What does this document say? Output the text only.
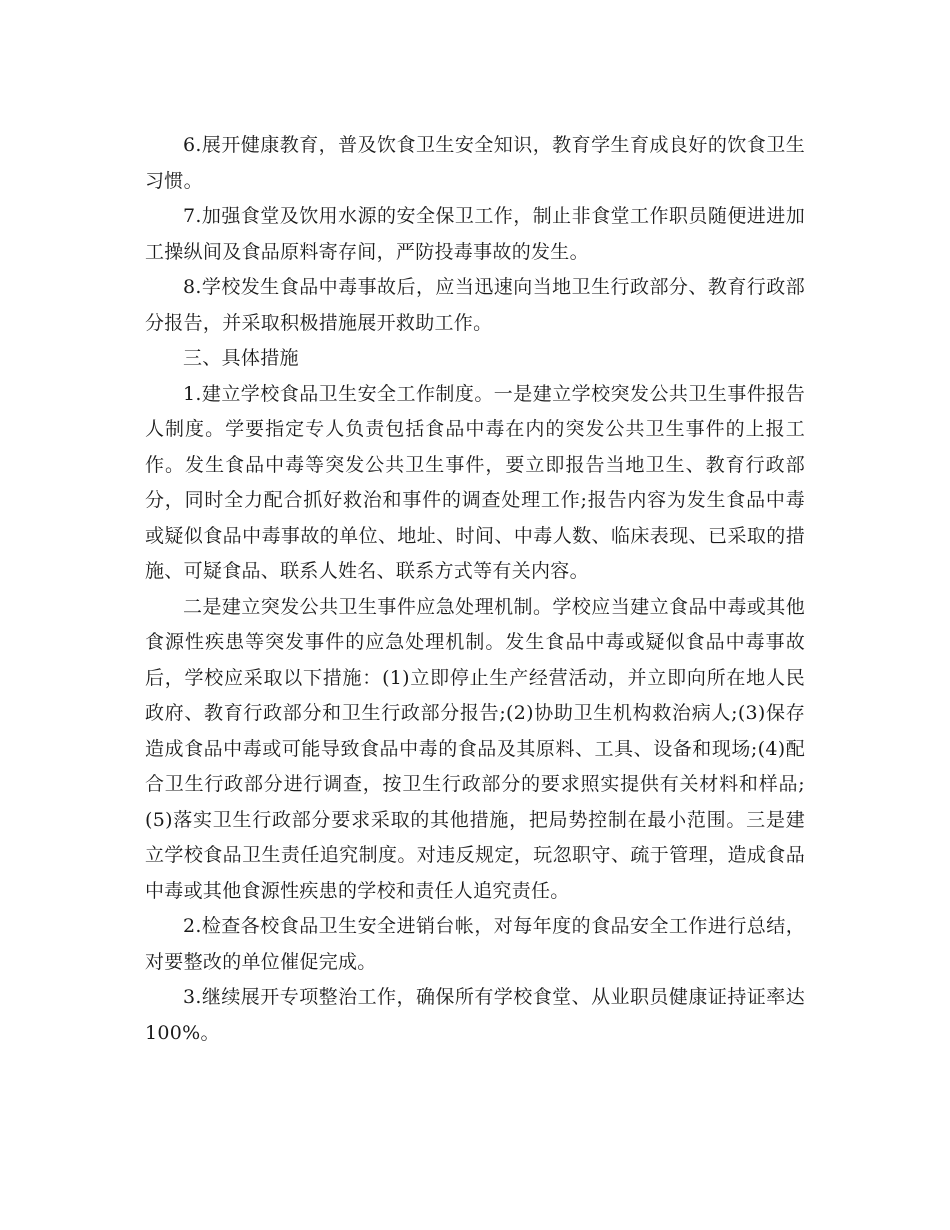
6.展开健康教育，普及饮食卫生安全知识，教育学生育成良好的饮食卫生习惯。

7.加强食堂及饮用水源的安全保卫工作，制止非食堂工作职员随便进进加工操纵间及食品原料寄存间，严防投毒事故的发生。

8.学校发生食品中毒事故后，应当迅速向当地卫生行政部分、教育行政部分报告，并采取积极措施展开救助工作。

三、具体措施

1.建立学校食品卫生安全工作制度。一是建立学校突发公共卫生事件报告人制度。学要指定专人负责包括食品中毒在内的突发公共卫生事件的上报工作。发生食品中毒等突发公共卫生事件，要立即报告当地卫生、教育行政部分，同时全力配合抓好救治和事件的调查处理工作;报告内容为发生食品中毒或疑似食品中毒事故的单位、地址、时间、中毒人数、临床表现、已采取的措施、可疑食品、联系人姓名、联系方式等有关内容。

二是建立突发公共卫生事件应急处理机制。学校应当建立食品中毒或其他食源性疾患等突发事件的应急处理机制。发生食品中毒或疑似食品中毒事故后，学校应采取以下措施：(1)立即停止生产经营活动，并立即向所在地人民政府、教育行政部分和卫生行政部分报告;(2)协助卫生机构救治病人;(3)保存造成食品中毒或可能导致食品中毒的食品及其原料、工具、设备和现场;(4)配合卫生行政部分进行调查，按卫生行政部分的要求照实提供有关材料和样品;(5)落实卫生行政部分要求采取的其他措施，把局势控制在最小范围。三是建立学校食品卫生责任追究制度。对违反规定，玩忽职守、疏于管理，造成食品中毒或其他食源性疾患的学校和责任人追究责任。

2.检查各校食品卫生安全进销台帐，对每年度的食品安全工作进行总结，对要整改的单位催促完成。

3.继续展开专项整治工作，确保所有学校食堂、从业职员健康证持证率达100%。
